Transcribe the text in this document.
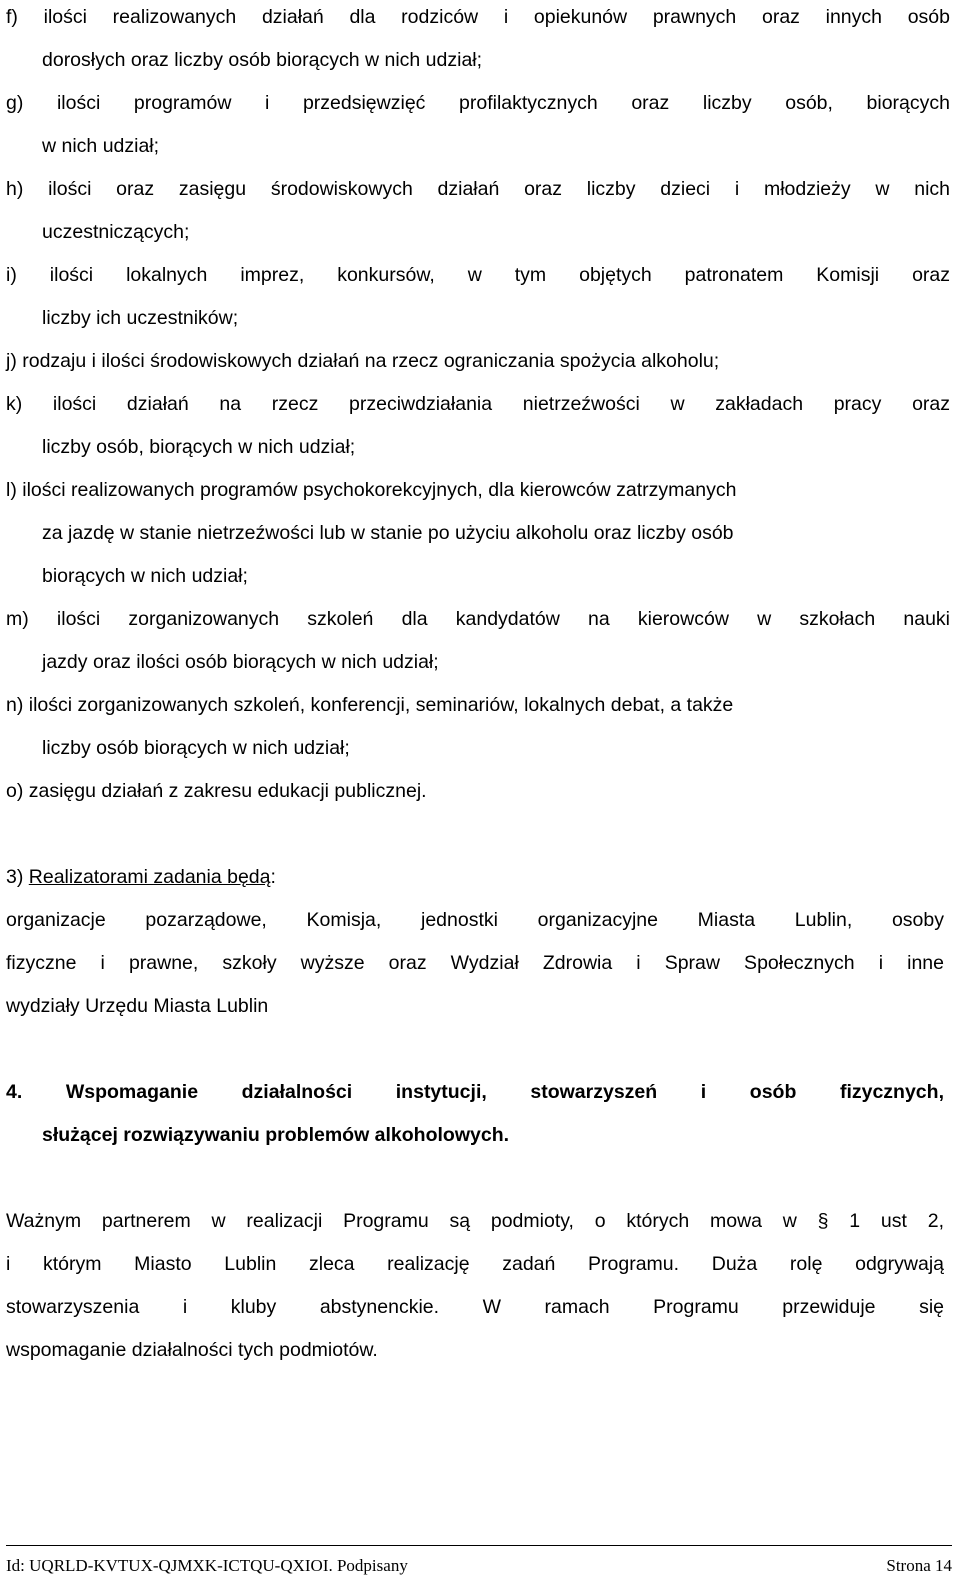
f) ilości realizowanych działań dla rodziców i opiekunów prawnych oraz innych osób
dorosłych oraz liczby osób biorących w nich udział;
g) ilości programów i przedsięwzięć profilaktycznych oraz liczby osób, biorących
w nich udział;
h) ilości oraz zasięgu środowiskowych działań oraz liczby dzieci i młodzieży w nich
uczestniczących;
i) ilości lokalnych imprez, konkursów, w tym objętych patronatem Komisji oraz
liczby ich uczestników;
j) rodzaju i ilości środowiskowych działań na rzecz ograniczania spożycia alkoholu;
k) ilości działań na rzecz przeciwdziałania nietrzeźwości w zakładach pracy oraz
liczby osób, biorących w nich udział;
l) ilości realizowanych programów psychokorekcyjnych, dla kierowców zatrzymanych
za jazdę w stanie nietrzeźwości lub w stanie po użyciu alkoholu oraz liczby osób
biorących w nich udział;
m) ilości zorganizowanych szkoleń dla kandydatów na kierowców w szkołach nauki
jazdy oraz ilości osób biorących w nich udział;
n) ilości zorganizowanych szkoleń, konferencji, seminariów, lokalnych debat, a także
liczby osób biorących w nich udział;
o) zasięgu działań z zakresu edukacji publicznej.
3) Realizatorami zadania będą:
organizacje pozarządowe, Komisja, jednostki organizacyjne Miasta Lublin, osoby
fizyczne i prawne, szkoły wyższe oraz Wydział Zdrowia i Spraw Społecznych i inne
wydziały Urzędu Miasta Lublin
4. Wspomaganie działalności instytucji, stowarzyszeń i osób fizycznych,
służącej rozwiązywaniu problemów alkoholowych.
Ważnym partnerem w realizacji Programu są podmioty, o których mowa w § 1 ust 2,
i którym Miasto Lublin zleca realizację zadań Programu. Duża rolę odgrywają
stowarzyszenia i kluby abstynenckie. W ramach Programu przewiduje się
wspomaganie działalności tych podmiotów.
Id: UQRLD-KVTUX-QJMXK-ICTQU-QXIOI. Podpisany	Strona 14
